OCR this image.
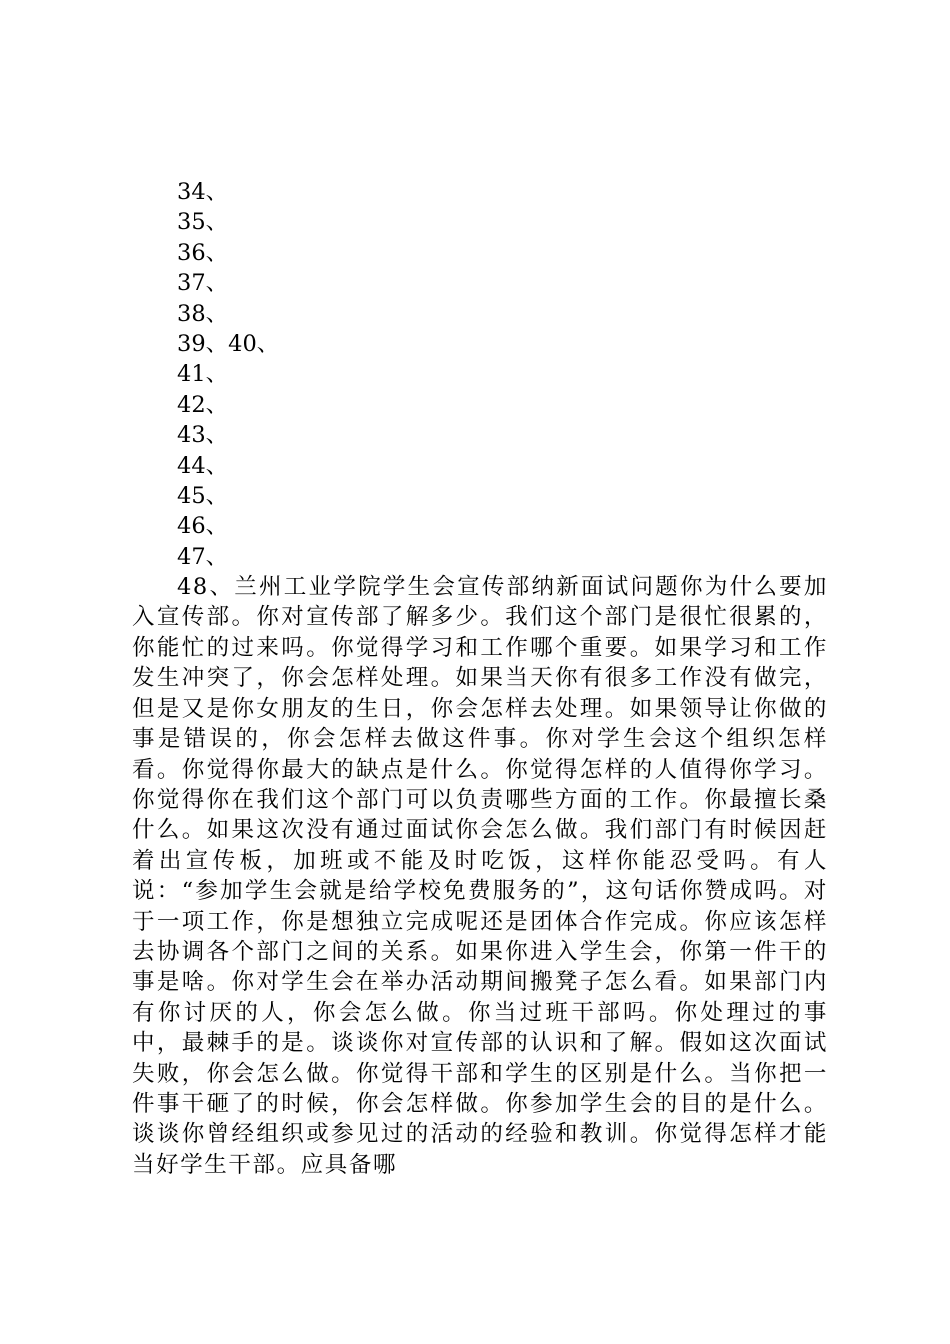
34、

35、

36、

37、

38、

39、40、

41、

42、

43、

44、

45、

46、

47、

48、兰州工业学院学生会宣传部纳新面试问题你为什么要加入宣传部。你对宣传部了解多少。我们这个部门是很忙很累的，你能忙的过来吗。你觉得学习和工作哪个重要。如果学习和工作发生冲突了，你会怎样处理。如果当天你有很多工作没有做完，但是又是你女朋友的生日，你会怎样去处理。如果领导让你做的事是错误的，你会怎样去做这件事。你对学生会这个组织怎样看。你觉得你最大的缺点是什么。你觉得怎样的人值得你学习。你觉得你在我们这个部门可以负责哪些方面的工作。你最擅长桑什么。如果这次没有通过面试你会怎么做。我们部门有时候因赶着出宣传板，加班或不能及时吃饭，这样你能忍受吗。有人说：“参加学生会就是给学校免费服务的”，这句话你赞成吗。对于一项工作，你是想独立完成呢还是团体合作完成。你应该怎样去协调各个部门之间的关系。如果你进入学生会，你第一件干的事是啥。你对学生会在举办活动期间搬凳子怎么看。如果部门内有你讨厌的人，你会怎么做。你当过班干部吗。你处理过的事中，最棘手的是。谈谈你对宣传部的认识和了解。假如这次面试失败，你会怎么做。你觉得干部和学生的区别是什么。当你把一件事干砸了的时候，你会怎样做。你参加学生会的目的是什么。谈谈你曾经组织或参见过的活动的经验和教训。你觉得怎样才能当好学生干部。应具备哪
